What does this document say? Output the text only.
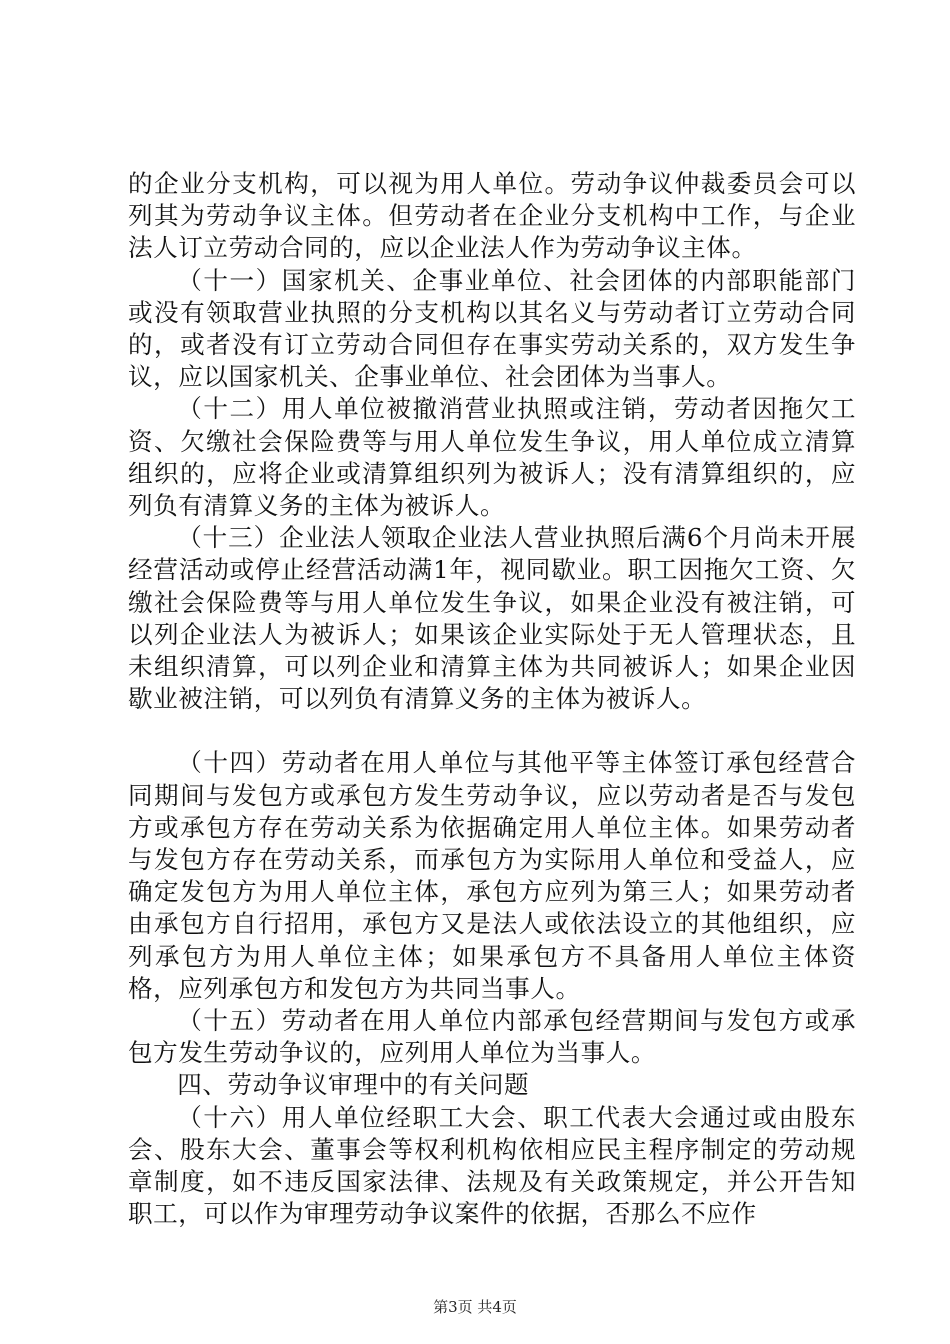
的企业分支机构，可以视为用人单位。劳动争议仲裁委员会可以列其为劳动争议主体。但劳动者在企业分支机构中工作，与企业法人订立劳动合同的，应以企业法人作为劳动争议主体。

（十一）国家机关、企事业单位、社会团体的内部职能部门或没有领取营业执照的分支机构以其名义与劳动者订立劳动合同的，或者没有订立劳动合同但存在事实劳动关系的，双方发生争议，应以国家机关、企事业单位、社会团体为当事人。

（十二）用人单位被撤消营业执照或注销，劳动者因拖欠工资、欠缴社会保险费等与用人单位发生争议，用人单位成立清算组织的，应将企业或清算组织列为被诉人；没有清算组织的，应列负有清算义务的主体为被诉人。

（十三）企业法人领取企业法人营业执照后满6个月尚未开展经营活动或停止经营活动满1年，视同歇业。职工因拖欠工资、欠缴社会保险费等与用人单位发生争议，如果企业没有被注销，可以列企业法人为被诉人；如果该企业实际处于无人管理状态，且未组织清算，可以列企业和清算主体为共同被诉人；如果企业因歇业被注销，可以列负有清算义务的主体为被诉人。

（十四）劳动者在用人单位与其他平等主体签订承包经营合同期间与发包方或承包方发生劳动争议，应以劳动者是否与发包方或承包方存在劳动关系为依据确定用人单位主体。如果劳动者与发包方存在劳动关系，而承包方为实际用人单位和受益人，应确定发包方为用人单位主体，承包方应列为第三人；如果劳动者由承包方自行招用，承包方又是法人或依法设立的其他组织，应列承包方为用人单位主体；如果承包方不具备用人单位主体资格，应列承包方和发包方为共同当事人。

（十五）劳动者在用人单位内部承包经营期间与发包方或承包方发生劳动争议的，应列用人单位为当事人。

四、劳动争议审理中的有关问题

（十六）用人单位经职工大会、职工代表大会通过或由股东会、股东大会、董事会等权利机构依相应民主程序制定的劳动规章制度，如不违反国家法律、法规及有关政策规定，并公开告知职工，可以作为审理劳动争议案件的依据，否那么不应作

第3页 共4页
